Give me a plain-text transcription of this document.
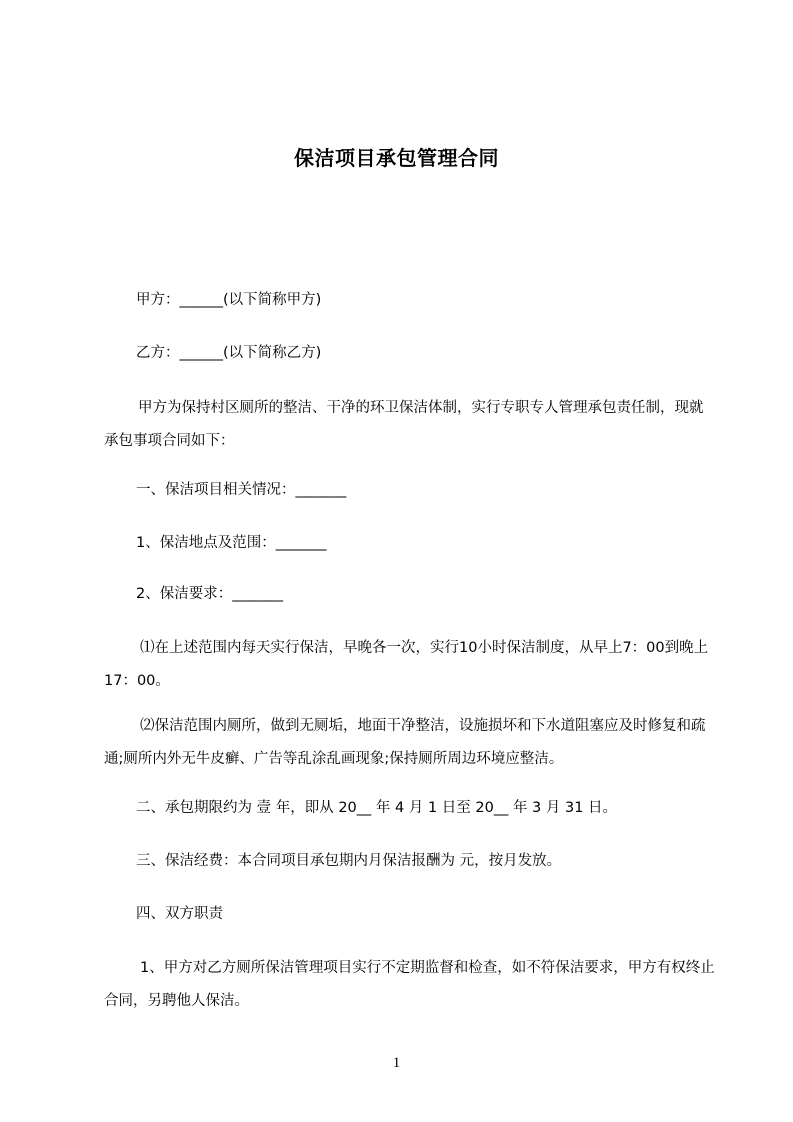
保洁项目承包管理合同
甲方：______(以下简称甲方)
乙方：______(以下简称乙方)
甲方为保持村区厕所的整洁、干净的环卫保洁体制，实行专职专人管理承包责任制，现就承包事项合同如下：
一、保洁项目相关情况：_______
1、保洁地点及范围：_______
2、保洁要求：_______
⑴在上述范围内每天实行保洁，早晚各一次，实行10小时保洁制度，从早上7：00到晚上17：00。
⑵保洁范围内厕所，做到无厕垢，地面干净整洁，设施损坏和下水道阻塞应及时修复和疏通;厕所内外无牛皮癣、广告等乱涂乱画现象;保持厕所周边环境应整洁。
二、承包期限约为 壹 年，即从 20__ 年 4 月 1 日至 20__ 年 3 月 31 日。
三、保洁经费：本合同项目承包期内月保洁报酬为 元，按月发放。
四、双方职责
1、甲方对乙方厕所保洁管理项目实行不定期监督和检查，如不符保洁要求，甲方有权终止合同，另聘他人保洁。
1
